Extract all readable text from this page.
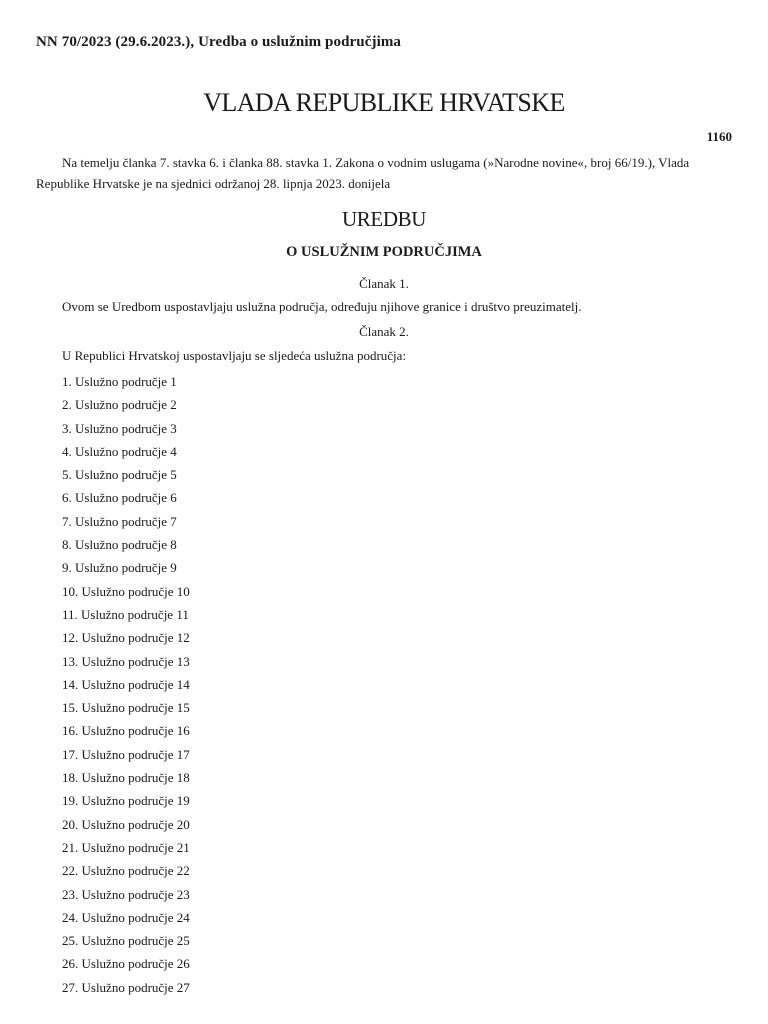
NN 70/2023 (29.6.2023.), Uredba o uslužnim područjima
VLADA REPUBLIKE HRVATSKE
1160

Na temelju članka 7. stavka 6. i članka 88. stavka 1. Zakona o vodnim uslugama (»Narodne novine«, broj 66/19.), Vlada Republike Hrvatske je na sjednici održanoj 28. lipnja 2023. donijela

UREDBU
O USLUŽNIM PODRUČJIMA
Članak 1.
Ovom se Uredbom uspostavljaju uslužna područja, određuju njihove granice i društvo preuzimatelj.
Članak 2.
U Republici Hrvatskoj uspostavljaju se sljedeća uslužna područja:
1. Uslužno područje 1
2. Uslužno područje 2
3. Uslužno područje 3
4. Uslužno područje 4
5. Uslužno područje 5
6. Uslužno područje 6
7. Uslužno područje 7
8. Uslužno područje 8
9. Uslužno područje 9
10. Uslužno područje 10
11. Uslužno područje 11
12. Uslužno područje 12
13. Uslužno područje 13
14. Uslužno područje 14
15. Uslužno područje 15
16. Uslužno područje 16
17. Uslužno područje 17
18. Uslužno područje 18
19. Uslužno područje 19
20. Uslužno područje 20
21. Uslužno područje 21
22. Uslužno područje 22
23. Uslužno područje 23
24. Uslužno područje 24
25. Uslužno područje 25
26. Uslužno područje 26
27. Uslužno područje 27
